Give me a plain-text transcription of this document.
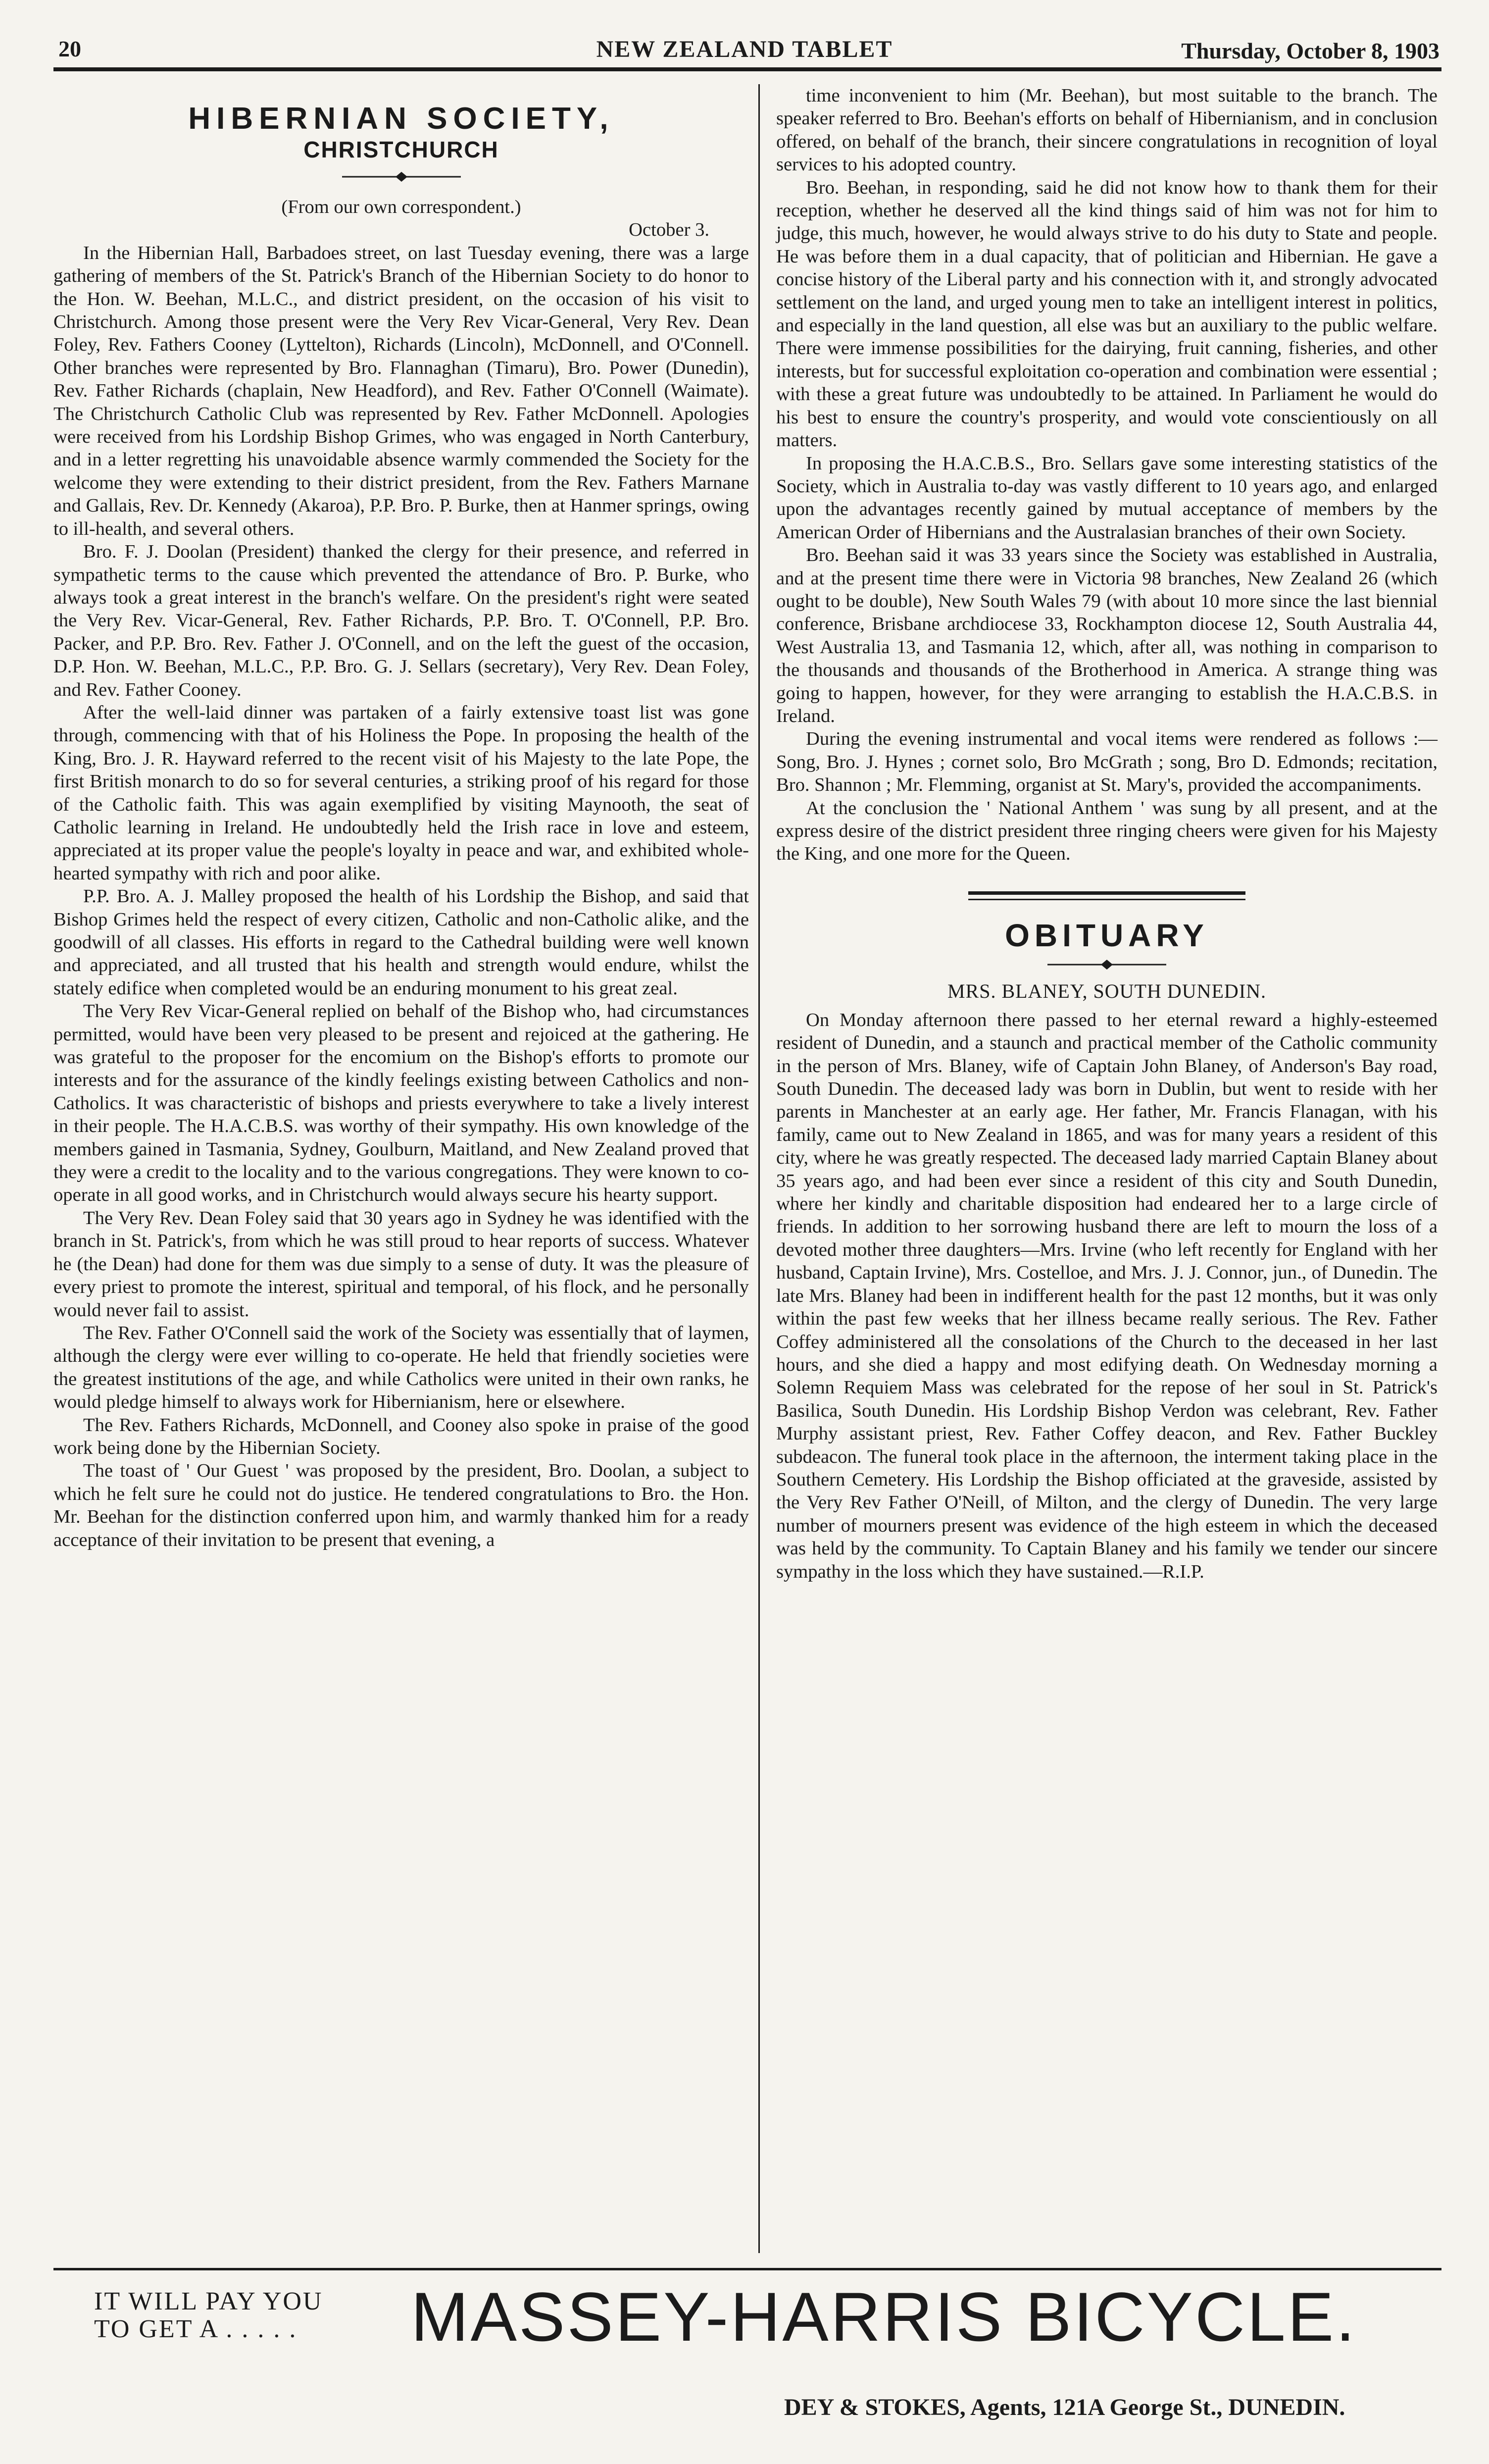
20	NEW ZEALAND TABLET	Thursday, October 8, 1903
HIBERNIAN SOCIETY,
CHRISTCHURCH

(From our own correspondent.)

October 3.

In the Hibernian Hall, Barbadoes street, on last Tuesday evening, there was a large gathering of members of the St. Patrick's Branch of the Hibernian Society to do honor to the Hon. W. Beehan, M.L.C., and district president, on the occasion of his visit to Christchurch. Among those present were the Very Rev Vicar-General, Very Rev. Dean Foley, Rev. Fathers Cooney (Lyttelton), Richards (Lincoln), McDonnell, and O'Connell. Other branches were represented by Bro. Flannaghan (Timaru), Bro. Power (Dunedin), Rev. Father Richards (chaplain, New Headford), and Rev. Father O'Connell (Waimate). The Christchurch Catholic Club was represented by Rev. Father McDonnell. Apologies were received from his Lordship Bishop Grimes, who was engaged in North Canterbury, and in a letter regretting his unavoidable absence warmly commended the Society for the welcome they were extending to their district president, from the Rev. Fathers Marnane and Gallais, Rev. Dr. Kennedy (Akaroa), P.P. Bro. P. Burke, then at Hanmer springs, owing to ill-health, and several others.

Bro. F. J. Doolan (President) thanked the clergy for their presence, and referred in sympathetic terms to the cause which prevented the attendance of Bro. P. Burke, who always took a great interest in the branch's welfare. On the president's right were seated the Very Rev. Vicar-General, Rev. Father Richards, P.P. Bro. T. O'Connell, P.P. Bro. Packer, and P.P. Bro. Rev. Father J. O'Connell, and on the left the guest of the occasion, D.P. Hon. W. Beehan, M.L.C., P.P. Bro. G. J. Sellars (secretary), Very Rev. Dean Foley, and Rev. Father Cooney.

After the well-laid dinner was partaken of a fairly extensive toast list was gone through, commencing with that of his Holiness the Pope. In proposing the health of the King, Bro. J. R. Hayward referred to the recent visit of his Majesty to the late Pope, the first British monarch to do so for several centuries, a striking proof of his regard for those of the Catholic faith. This was again exemplified by visiting Maynooth, the seat of Catholic learning in Ireland. He undoubtedly held the Irish race in love and esteem, appreciated at its proper value the people's loyalty in peace and war, and exhibited whole-hearted sympathy with rich and poor alike.

P.P. Bro. A. J. Malley proposed the health of his Lordship the Bishop, and said that Bishop Grimes held the respect of every citizen, Catholic and non-Catholic alike, and the goodwill of all classes. His efforts in regard to the Cathedral building were well known and appreciated, and all trusted that his health and strength would endure, whilst the stately edifice when completed would be an enduring monument to his great zeal.

The Very Rev Vicar-General replied on behalf of the Bishop who, had circumstances permitted, would have been very pleased to be present and rejoiced at the gathering. He was grateful to the proposer for the encomium on the Bishop's efforts to promote our interests and for the assurance of the kindly feelings existing between Catholics and non-Catholics. It was characteristic of bishops and priests everywhere to take a lively interest in their people. The H.A.C.B.S. was worthy of their sympathy. His own knowledge of the members gained in Tasmania, Sydney, Goulburn, Maitland, and New Zealand proved that they were a credit to the locality and to the various congregations. They were known to co-operate in all good works, and in Christchurch would always secure his hearty support.

The Very Rev. Dean Foley said that 30 years ago in Sydney he was identified with the branch in St. Patrick's, from which he was still proud to hear reports of success. Whatever he (the Dean) had done for them was due simply to a sense of duty. It was the pleasure of every priest to promote the interest, spiritual and temporal, of his flock, and he personally would never fail to assist.

The Rev. Father O'Connell said the work of the Society was essentially that of laymen, although the clergy were ever willing to co-operate. He held that friendly societies were the greatest institutions of the age, and while Catholics were united in their own ranks, he would pledge himself to always work for Hibernianism, here or elsewhere.

The Rev. Fathers Richards, McDonnell, and Cooney also spoke in praise of the good work being done by the Hibernian Society.

The toast of ' Our Guest ' was proposed by the president, Bro. Doolan, a subject to which he felt sure he could not do justice. He tendered congratulations to Bro. the Hon. Mr. Beehan for the distinction conferred upon him, and warmly thanked him for a ready acceptance of their invitation to be present that evening, a

time inconvenient to him (Mr. Beehan), but most suitable to the branch. The speaker referred to Bro. Beehan's efforts on behalf of Hibernianism, and in conclusion offered, on behalf of the branch, their sincere congratulations in recognition of loyal services to his adopted country.

Bro. Beehan, in responding, said he did not know how to thank them for their reception, whether he deserved all the kind things said of him was not for him to judge, this much, however, he would always strive to do his duty to State and people. He was before them in a dual capacity, that of politician and Hibernian. He gave a concise history of the Liberal party and his connection with it, and strongly advocated settlement on the land, and urged young men to take an intelligent interest in politics, and especially in the land question, all else was but an auxiliary to the public welfare. There were immense possibilities for the dairying, fruit canning, fisheries, and other interests, but for successful exploitation co-operation and combination were essential ; with these a great future was undoubtedly to be attained. In Parliament he would do his best to ensure the country's prosperity, and would vote conscientiously on all matters.

In proposing the H.A.C.B.S., Bro. Sellars gave some interesting statistics of the Society, which in Australia to-day was vastly different to 10 years ago, and enlarged upon the advantages recently gained by mutual acceptance of members by the American Order of Hibernians and the Australasian branches of their own Society.

Bro. Beehan said it was 33 years since the Society was established in Australia, and at the present time there were in Victoria 98 branches, New Zealand 26 (which ought to be double), New South Wales 79 (with about 10 more since the last biennial conference, Brisbane archdiocese 33, Rockhampton diocese 12, South Australia 44, West Australia 13, and Tasmania 12, which, after all, was nothing in comparison to the thousands and thousands of the Brotherhood in America. A strange thing was going to happen, however, for they were arranging to establish the H.A.C.B.S. in Ireland.

During the evening instrumental and vocal items were rendered as follows :—Song, Bro. J. Hynes ; cornet solo, Bro McGrath ; song, Bro D. Edmonds; recitation, Bro. Shannon ; Mr. Flemming, organist at St. Mary's, provided the accompaniments.

At the conclusion the ' National Anthem ' was sung by all present, and at the express desire of the district president three ringing cheers were given for his Majesty the King, and one more for the Queen.

OBITUARY
MRS. BLANEY, SOUTH DUNEDIN.

On Monday afternoon there passed to her eternal reward a highly-esteemed resident of Dunedin, and a staunch and practical member of the Catholic community in the person of Mrs. Blaney, wife of Captain John Blaney, of Anderson's Bay road, South Dunedin. The deceased lady was born in Dublin, but went to reside with her parents in Manchester at an early age. Her father, Mr. Francis Flanagan, with his family, came out to New Zealand in 1865, and was for many years a resident of this city, where he was greatly respected. The deceased lady married Captain Blaney about 35 years ago, and had been ever since a resident of this city and South Dunedin, where her kindly and charitable disposition had endeared her to a large circle of friends. In addition to her sorrowing husband there are left to mourn the loss of a devoted mother three daughters—Mrs. Irvine (who left recently for England with her husband, Captain Irvine), Mrs. Costelloe, and Mrs. J. J. Connor, jun., of Dunedin. The late Mrs. Blaney had been in indifferent health for the past 12 months, but it was only within the past few weeks that her illness became really serious. The Rev. Father Coffey administered all the consolations of the Church to the deceased in her last hours, and she died a happy and most edifying death. On Wednesday morning a Solemn Requiem Mass was celebrated for the repose of her soul in St. Patrick's Basilica, South Dunedin. His Lordship Bishop Verdon was celebrant, Rev. Father Murphy assistant priest, Rev. Father Coffey deacon, and Rev. Father Buckley subdeacon. The funeral took place in the afternoon, the interment taking place in the Southern Cemetery. His Lordship the Bishop officiated at the graveside, assisted by the Very Rev Father O'Neill, of Milton, and the clergy of Dunedin. The very large number of mourners present was evidence of the high esteem in which the deceased was held by the community. To Captain Blaney and his family we tender our sincere sympathy in the loss which they have sustained.—R.I.P.

IT WILL PAY YOU
TO GET A . . . . .	MASSEY-HARRIS BICYCLE.
DEY & STOKES, Agents, 121A George St., DUNEDIN.
